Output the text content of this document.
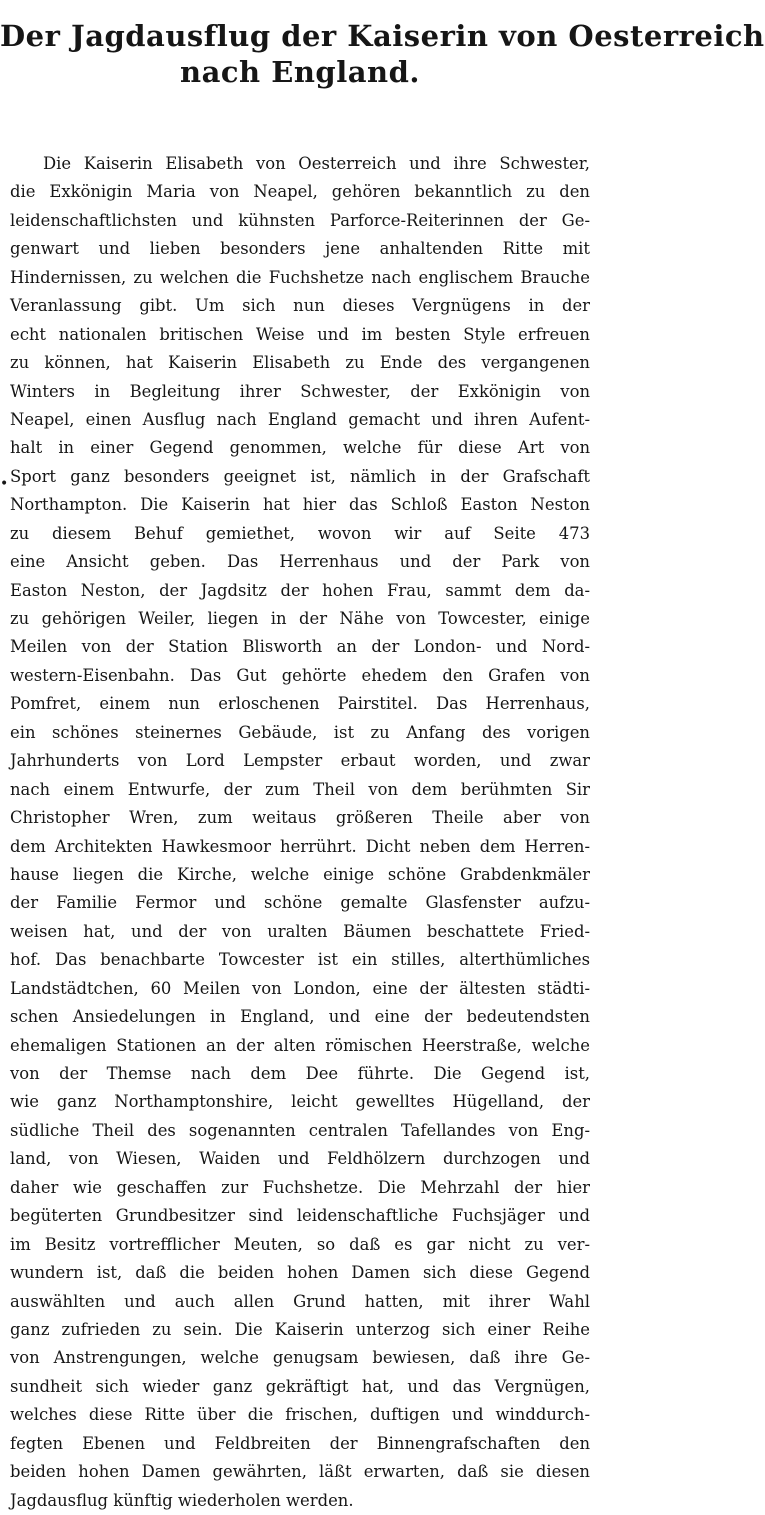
Der Jagdausflug der Kaiserin von Oesterreich
nach England.
•
Die Kaiserin Elisabeth von Oesterreich und ihre Schwester,
die Exkönigin Maria von Neapel, gehören bekanntlich zu den
leidenschaftlichsten und kühnsten Parforce-Reiterinnen der Ge-
genwart und lieben besonders jene anhaltenden Ritte mit
Hindernissen, zu welchen die Fuchshetze nach englischem Brauche
Veranlassung gibt. Um sich nun dieses Vergnügens in der
echt nationalen britischen Weise und im besten Style erfreuen
zu können, hat Kaiserin Elisabeth zu Ende des vergangenen
Winters in Begleitung ihrer Schwester, der Exkönigin von
Neapel, einen Ausflug nach England gemacht und ihren Aufent-
halt in einer Gegend genommen, welche für diese Art von
Sport ganz besonders geeignet ist, nämlich in der Grafschaft
Northampton. Die Kaiserin hat hier das Schloß Easton Neston
zu diesem Behuf gemiethet, wovon wir auf Seite 473
eine Ansicht geben. Das Herrenhaus und der Park von
Easton Neston, der Jagdsitz der hohen Frau, sammt dem da-
zu gehörigen Weiler, liegen in der Nähe von Towcester, einige
Meilen von der Station Blisworth an der London- und Nord-
western-Eisenbahn. Das Gut gehörte ehedem den Grafen von
Pomfret, einem nun erloschenen Pairstitel. Das Herrenhaus,
ein schönes steinernes Gebäude, ist zu Anfang des vorigen
Jahrhunderts von Lord Lempster erbaut worden, und zwar
nach einem Entwurfe, der zum Theil von dem berühmten Sir
Christopher Wren, zum weitaus größeren Theile aber von
dem Architekten Hawkesmoor herrührt. Dicht neben dem Herren-
hause liegen die Kirche, welche einige schöne Grabdenkmäler
der Familie Fermor und schöne gemalte Glasfenster aufzu-
weisen hat, und der von uralten Bäumen beschattete Fried-
hof. Das benachbarte Towcester ist ein stilles, alterthümliches
Landstädtchen, 60 Meilen von London, eine der ältesten städti-
schen Ansiedelungen in England, und eine der bedeutendsten
ehemaligen Stationen an der alten römischen Heerstraße, welche
von der Themse nach dem Dee führte. Die Gegend ist,
wie ganz Northamptonshire, leicht gewelltes Hügelland, der
südliche Theil des sogenannten centralen Tafellandes von Eng-
land, von Wiesen, Waiden und Feldhölzern durchzogen und
daher wie geschaffen zur Fuchshetze. Die Mehrzahl der hier
begüterten Grundbesitzer sind leidenschaftliche Fuchsjäger und
im Besitz vortrefflicher Meuten, so daß es gar nicht zu ver-
wundern ist, daß die beiden hohen Damen sich diese Gegend
auswählten und auch allen Grund hatten, mit ihrer Wahl
ganz zufrieden zu sein. Die Kaiserin unterzog sich einer Reihe
von Anstrengungen, welche genugsam bewiesen, daß ihre Ge-
sundheit sich wieder ganz gekräftigt hat, und das Vergnügen,
welches diese Ritte über die frischen, duftigen und winddurch-
fegten Ebenen und Feldbreiten der Binnengrafschaften den
beiden hohen Damen gewährten, läßt erwarten, daß sie diesen
Jagdausflug künftig wiederholen werden.
